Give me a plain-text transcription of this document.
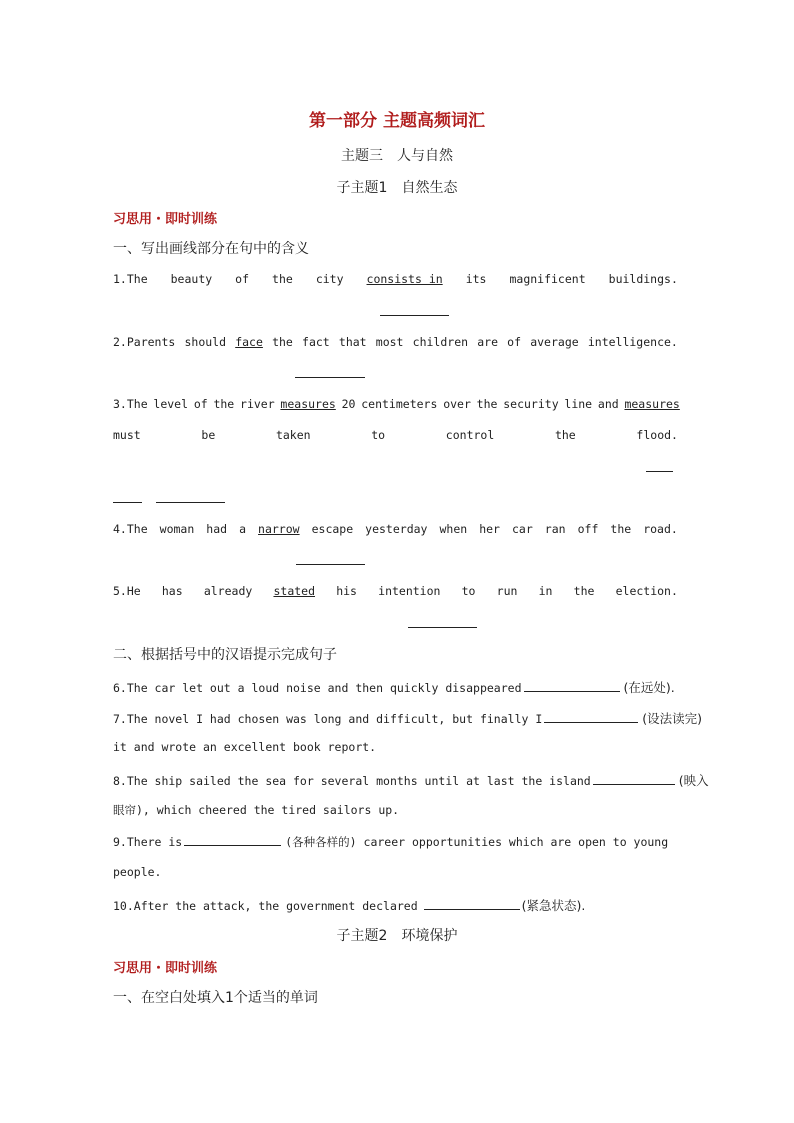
第一部分 主题高频词汇
主题三　人与自然
子主题1　自然生态
习思用・即时训练
一、写出画线部分在句中的含义
1.The beauty of the city consists in its magnificent buildings.
2.Parents should face the fact that most children are of average intelligence.
3.The level of the river measures 20 centimeters over the security line and measures
must	be	taken	to	control	the	flood.
4.The woman had a narrow escape yesterday when her car ran off the road.
5.He has already stated his intention to run in the election.
二、根据括号中的汉语提示完成句子
6.The car let out a loud noise and then quickly disappeared	(在远处).
7.The novel I had chosen was long and difficult, but finally I	(设法读完)
it and wrote an excellent book report.
8.The ship sailed the sea for several months until at last the island	(映入
眼帘), which cheered the tired sailors up.
9.There is	(各种各样的) career opportunities which are open to young
people.
10.After the attack, the government declared	(紧急状态).
子主题2　环境保护
习思用・即时训练
一、在空白处填入1个适当的单词
